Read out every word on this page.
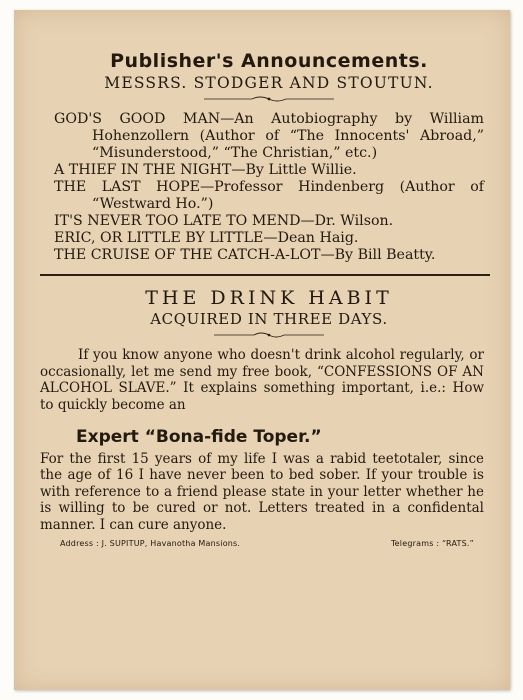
Publisher's Announcements.
MESSRS. STODGER AND STOUTUN.

GOD'S GOOD MAN—An Autobiography by William Hohenzollern (Author of “The Innocents' Abroad,” “Misunderstood,” “The Christian,” etc.)

A THIEF IN THE NIGHT—By Little Willie.

THE LAST HOPE—Professor Hindenberg (Author of “Westward Ho.”)

IT'S NEVER TOO LATE TO MEND—Dr. Wilson.

ERIC, OR LITTLE BY LITTLE—Dean Haig.

THE CRUISE OF THE CATCH-A-LOT—By Bill Beatty.

THE DRINK HABIT
ACQUIRED IN THREE DAYS.

If you know anyone who doesn't drink alcohol regularly, or occasionally, let me send my free book, “CONFESSIONS OF AN ALCOHOL SLAVE.” It explains something important, i.e.: How to quickly become an

Expert “Bona-fide Toper.”

For the first 15 years of my life I was a rabid teetotaler, since the age of 16 I have never been to bed sober. If your trouble is with reference to a friend please state in your letter whether he is willing to be cured or not. Letters treated in a confidental manner. I can cure anyone.

Address : J. SUPITUP, Havanotha Mansions.	Telegrams : “RATS.”
